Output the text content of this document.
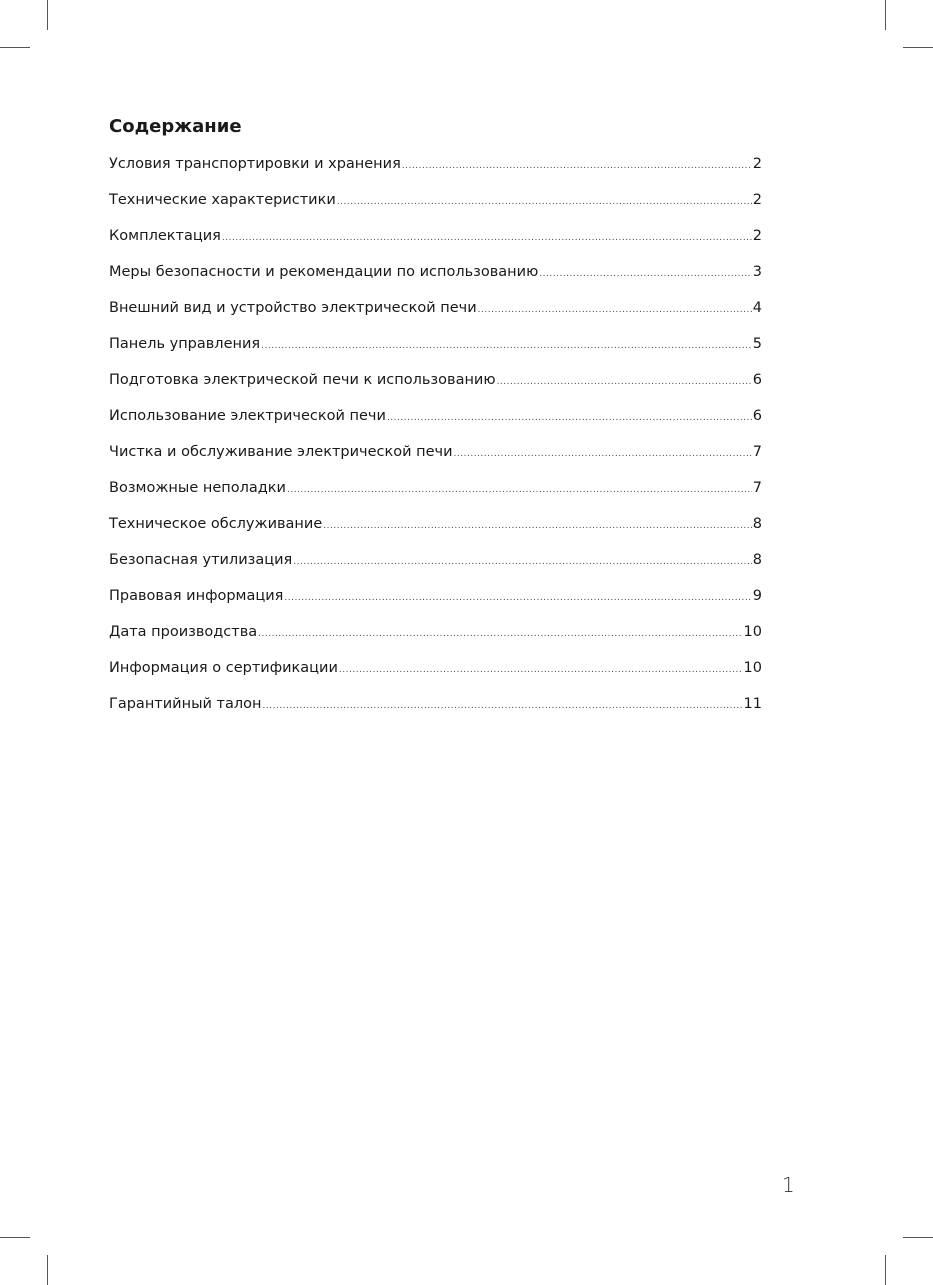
Содержание
Условия транспортировки и хранения .....	2
Технические характеристики .....	2
Комплектация .....	2
Меры безопасности и рекомендации по использованию .....	3
Внешний вид и устройство электрической печи .....	4
Панель управления .....	5
Подготовка электрической печи к использованию .....	6
Использование электрической печи .....	6
Чистка и обслуживание электрической печи .....	7
Возможные неполадки .....	7
Техническое обслуживание .....	8
Безопасная утилизация .....	8
Правовая информация .....	9
Дата производства .....	10
Информация о сертификации .....	10
Гарантийный талон .....	11
1
